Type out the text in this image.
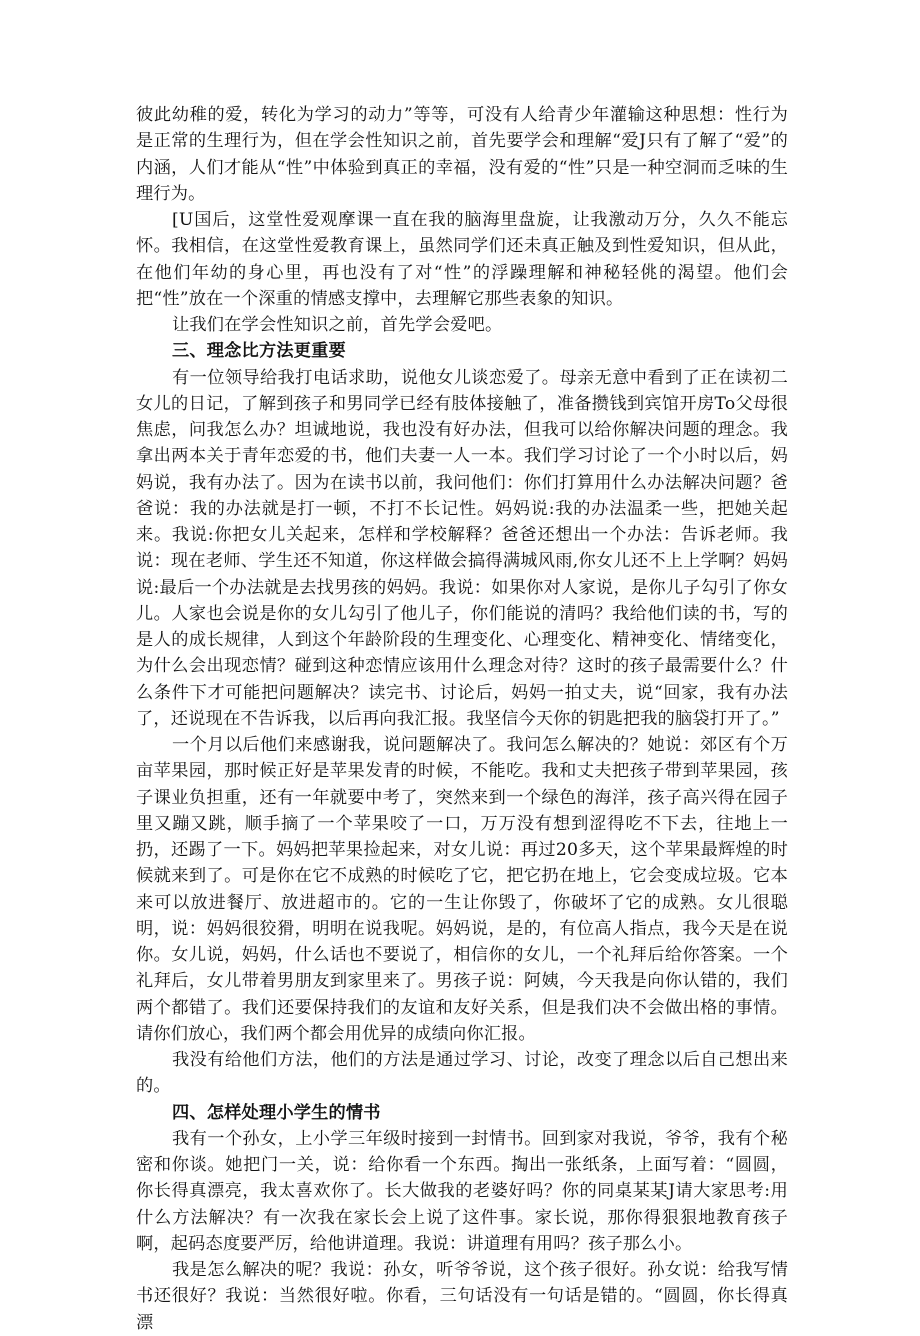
彼此幼稚的爱，转化为学习的动力”等等，可没有人给青少年灌输这种思想：性行为是正常的生理行为，但在学会性知识之前，首先要学会和理解“爱J只有了解了“爱”的内涵，人们才能从“性”中体验到真正的幸福，没有爱的“性”只是一种空洞而乏味的生理行为。

[U国后，这堂性爱观摩课一直在我的脑海里盘旋，让我激动万分，久久不能忘怀。我相信，在这堂性爱教育课上，虽然同学们还未真正触及到性爱知识，但从此，在他们年幼的身心里，再也没有了对“性”的浮躁理解和神秘轻佻的渴望。他们会把“性”放在一个深重的情感支撑中，去理解它那些表象的知识。

让我们在学会性知识之前，首先学会爱吧。

三、理念比方法更重要

有一位领导给我打电话求助，说他女儿谈恋爱了。母亲无意中看到了正在读初二女儿的日记，了解到孩子和男同学已经有肢体接触了，准备攒钱到宾馆开房To父母很焦虑，问我怎么办？坦诚地说，我也没有好办法，但我可以给你解决问题的理念。我拿出两本关于青年恋爱的书，他们夫妻一人一本。我们学习讨论了一个小时以后，妈妈说，我有办法了。因为在读书以前，我问他们：你们打算用什么办法解决问题？爸爸说：我的办法就是打一顿，不打不长记性。妈妈说:我的办法温柔一些，把她关起来。我说:你把女儿关起来，怎样和学校解释？爸爸还想出一个办法：告诉老师。我说：现在老师、学生还不知道，你这样做会搞得满城风雨,你女儿还不上上学啊？妈妈说:最后一个办法就是去找男孩的妈妈。我说：如果你对人家说，是你儿子勾引了你女儿。人家也会说是你的女儿勾引了他儿子，你们能说的清吗？我给他们读的书，写的是人的成长规律，人到这个年龄阶段的生理变化、心理变化、精神变化、情绪变化，为什么会出现恋情？碰到这种恋情应该用什么理念对待？这时的孩子最需要什么？什么条件下才可能把问题解决？读完书、讨论后，妈妈一拍丈夫，说“回家，我有办法了，还说现在不告诉我，以后再向我汇报。我坚信今天你的钥匙把我的脑袋打开了。”

一个月以后他们来感谢我，说问题解决了。我问怎么解决的？她说：郊区有个万亩苹果园，那时候正好是苹果发青的时候，不能吃。我和丈夫把孩子带到苹果园，孩子课业负担重，还有一年就要中考了，突然来到一个绿色的海洋，孩子高兴得在园子里又蹦又跳，顺手摘了一个苹果咬了一口，万万没有想到涩得吃不下去，往地上一扔，还踢了一下。妈妈把苹果捡起来，对女儿说：再过20多天，这个苹果最辉煌的时候就来到了。可是你在它不成熟的时候吃了它，把它扔在地上，它会变成垃圾。它本来可以放进餐厅、放进超市的。它的一生让你毁了，你破坏了它的成熟。女儿很聪明，说：妈妈很狡猾，明明在说我呢。妈妈说，是的，有位高人指点，我今天是在说你。女儿说，妈妈，什么话也不要说了，相信你的女儿，一个礼拜后给你答案。一个礼拜后，女儿带着男朋友到家里来了。男孩子说：阿姨，今天我是向你认错的，我们两个都错了。我们还要保持我们的友谊和友好关系，但是我们决不会做出格的事情。请你们放心，我们两个都会用优异的成绩向你汇报。

我没有给他们方法，他们的方法是通过学习、讨论，改变了理念以后自己想出来的。

四、怎样处理小学生的情书

我有一个孙女，上小学三年级时接到一封情书。回到家对我说，爷爷，我有个秘密和你谈。她把门一关，说：给你看一个东西。掏出一张纸条，上面写着：“圆圆，你长得真漂亮，我太喜欢你了。长大做我的老婆好吗？你的同桌某某J请大家思考:用什么方法解决？有一次我在家长会上说了这件事。家长说，那你得狠狠地教育孩子啊，起码态度要严厉，给他讲道理。我说：讲道理有用吗？孩子那么小。

我是怎么解决的呢？我说：孙女，听爷爷说，这个孩子很好。孙女说：给我写情书还很好？我说：当然很好啦。你看，三句话没有一句话是错的。“圆圆，你长得真漂
